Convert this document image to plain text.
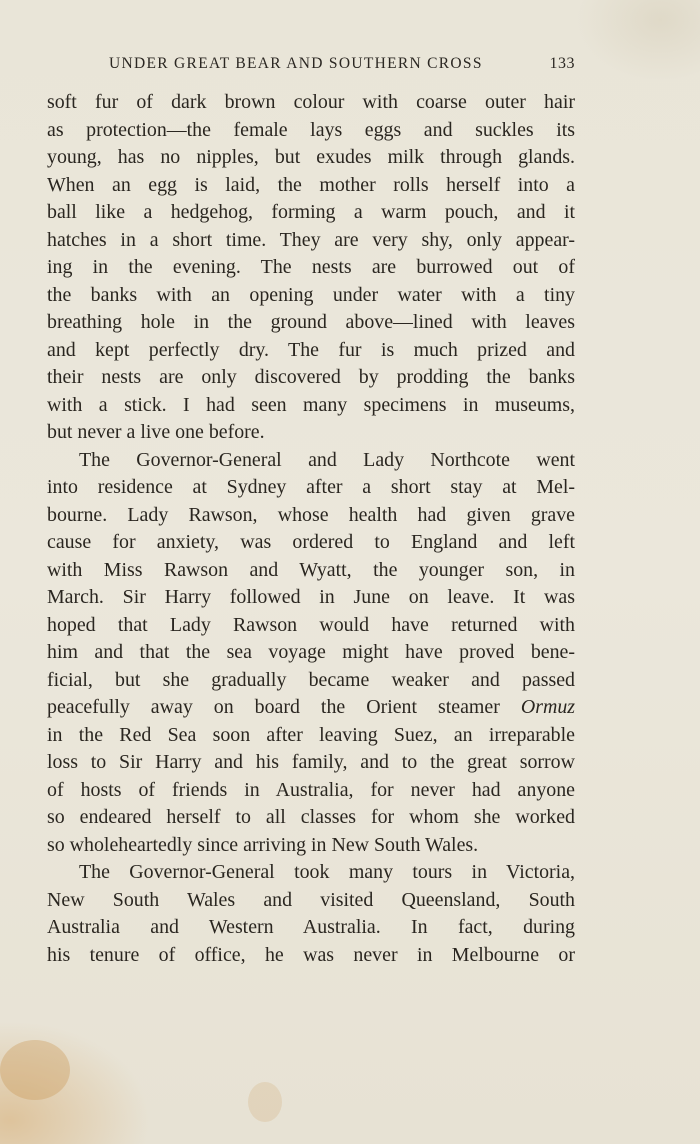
UNDER GREAT BEAR AND SOUTHERN CROSS	133
soft fur of dark brown colour with coarse outer hair
as protection—the female lays eggs and suckles its
young, has no nipples, but exudes milk through glands.
When an egg is laid, the mother rolls herself into a
ball like a hedgehog, forming a warm pouch, and it
hatches in a short time. They are very shy, only appear-
ing in the evening. The nests are burrowed out of
the banks with an opening under water with a tiny
breathing hole in the ground above—lined with leaves
and kept perfectly dry. The fur is much prized and
their nests are only discovered by prodding the banks
with a stick. I had seen many specimens in museums,
but never a live one before.
The Governor-General and Lady Northcote went
into residence at Sydney after a short stay at Mel-
bourne. Lady Rawson, whose health had given grave
cause for anxiety, was ordered to England and left
with Miss Rawson and Wyatt, the younger son, in
March. Sir Harry followed in June on leave. It was
hoped that Lady Rawson would have returned with
him and that the sea voyage might have proved bene-
ficial, but she gradually became weaker and passed
peacefully away on board the Orient steamer Ormuz
in the Red Sea soon after leaving Suez, an irreparable
loss to Sir Harry and his family, and to the great sorrow
of hosts of friends in Australia, for never had anyone
so endeared herself to all classes for whom she worked
so wholeheartedly since arriving in New South Wales.
The Governor-General took many tours in Victoria,
New South Wales and visited Queensland, South
Australia and Western Australia. In fact, during
his tenure of office, he was never in Melbourne or
